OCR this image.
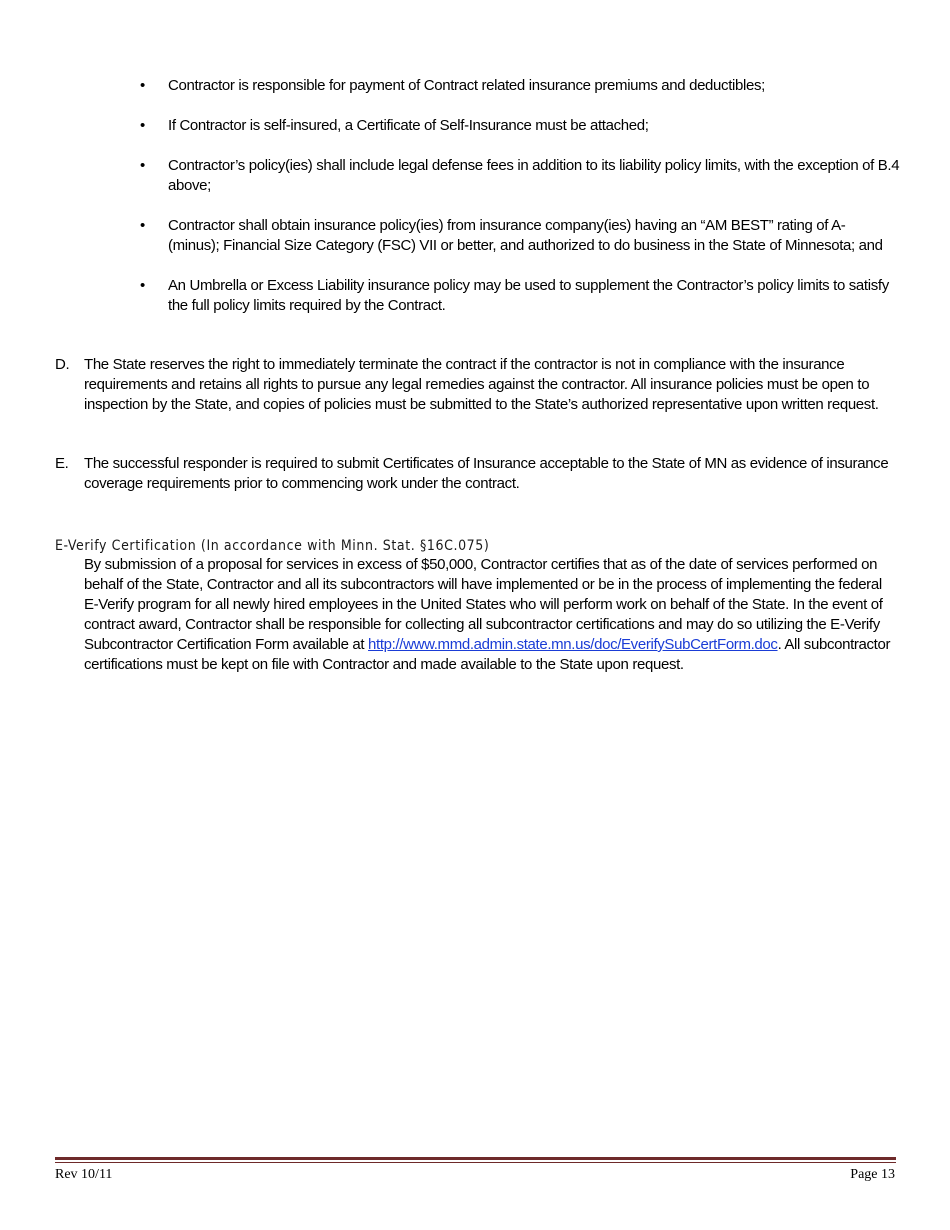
•	Contractor is responsible for payment of Contract related insurance premiums and deductibles;
•	If Contractor is self-insured, a Certificate of Self-Insurance must be attached;
•	Contractor’s policy(ies) shall include legal defense fees in addition to its liability policy limits, with the exception of B.4 above;
•	Contractor shall obtain insurance policy(ies) from insurance company(ies) having an “AM BEST” rating of A- (minus); Financial Size Category (FSC) VII or better, and authorized to do business in the State of Minnesota; and
•	An Umbrella or Excess Liability insurance policy may be used to supplement the Contractor’s policy limits to satisfy the full policy limits required by the Contract.
D. The State reserves the right to immediately terminate the contract if the contractor is not in compliance with the insurance requirements and retains all rights to pursue any legal remedies against the contractor. All insurance policies must be open to inspection by the State, and copies of policies must be submitted to the State’s authorized representative upon written request.
E. The successful responder is required to submit Certificates of Insurance acceptable to the State of MN as evidence of insurance coverage requirements prior to commencing work under the contract.
E-Verify Certification (In accordance with Minn. Stat. §16C.075)
By submission of a proposal for services in excess of $50,000, Contractor certifies that as of the date of services performed on behalf of the State, Contractor and all its subcontractors will have implemented or be in the process of implementing the federal E-Verify program for all newly hired employees in the United States who will perform work on behalf of the State. In the event of contract award, Contractor shall be responsible for collecting all subcontractor certifications and may do so utilizing the E-Verify Subcontractor Certification Form available at http://www.mmd.admin.state.mn.us/doc/EverifySubCertForm.doc. All subcontractor certifications must be kept on file with Contractor and made available to the State upon request.
Rev 10/11	Page 13
